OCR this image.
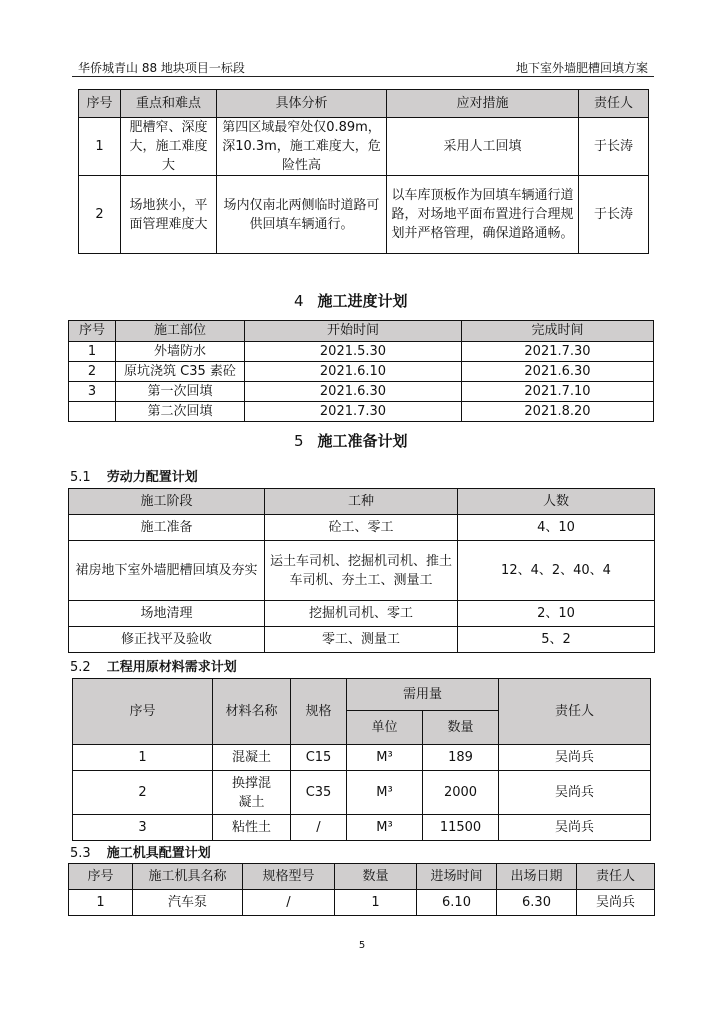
华侨城青山 88 地块项目一标段	地下室外墙肥槽回填方案
序号	重点和难点	具体分析	应对措施	责任人
1	肥槽窄、深度大，施工难度大	第四区域最窄处仅0.89m，深10.3m，施工难度大，危险性高	采用人工回填	于长涛
2	场地狭小，平面管理难度大	场内仅南北两侧临时道路可供回填车辆通行。	以车库顶板作为回填车辆通行道路，对场地平面布置进行合理规划并严格管理，确保道路通畅。	于长涛
4 施工进度计划
序号	施工部位	开始时间	完成时间
1	外墙防水	2021.5.30	2021.7.30
2	原坑浇筑 C35 素砼	2021.6.10	2021.6.30
3	第一次回填	2021.6.30	2021.7.10
	第二次回填	2021.7.30	2021.8.20
5 施工准备计划
5.1 劳动力配置计划
施工阶段	工种	人数
施工准备	砼工、零工	4、10
裙房地下室外墙肥槽回填及夯实	运土车司机、挖掘机司机、推土车司机、夯土工、测量工	12、4、2、40、4
场地清理	挖掘机司机、零工	2、10
修正找平及验收	零工、测量工	5、2
5.2 工程用原材料需求计划
序号	材料名称	规格	需用量		责任人
			单位	数量	
1	混凝土	C15	M³	189	吴尚兵
2	换撑混凝土	C35	M³	2000	吴尚兵
3	粘性土	/	M³	11500	吴尚兵
5.3 施工机具配置计划
序号	施工机具名称	规格型号	数量	进场时间	出场日期	责任人
1	汽车泵	/	1	6.10	6.30	吴尚兵
5
